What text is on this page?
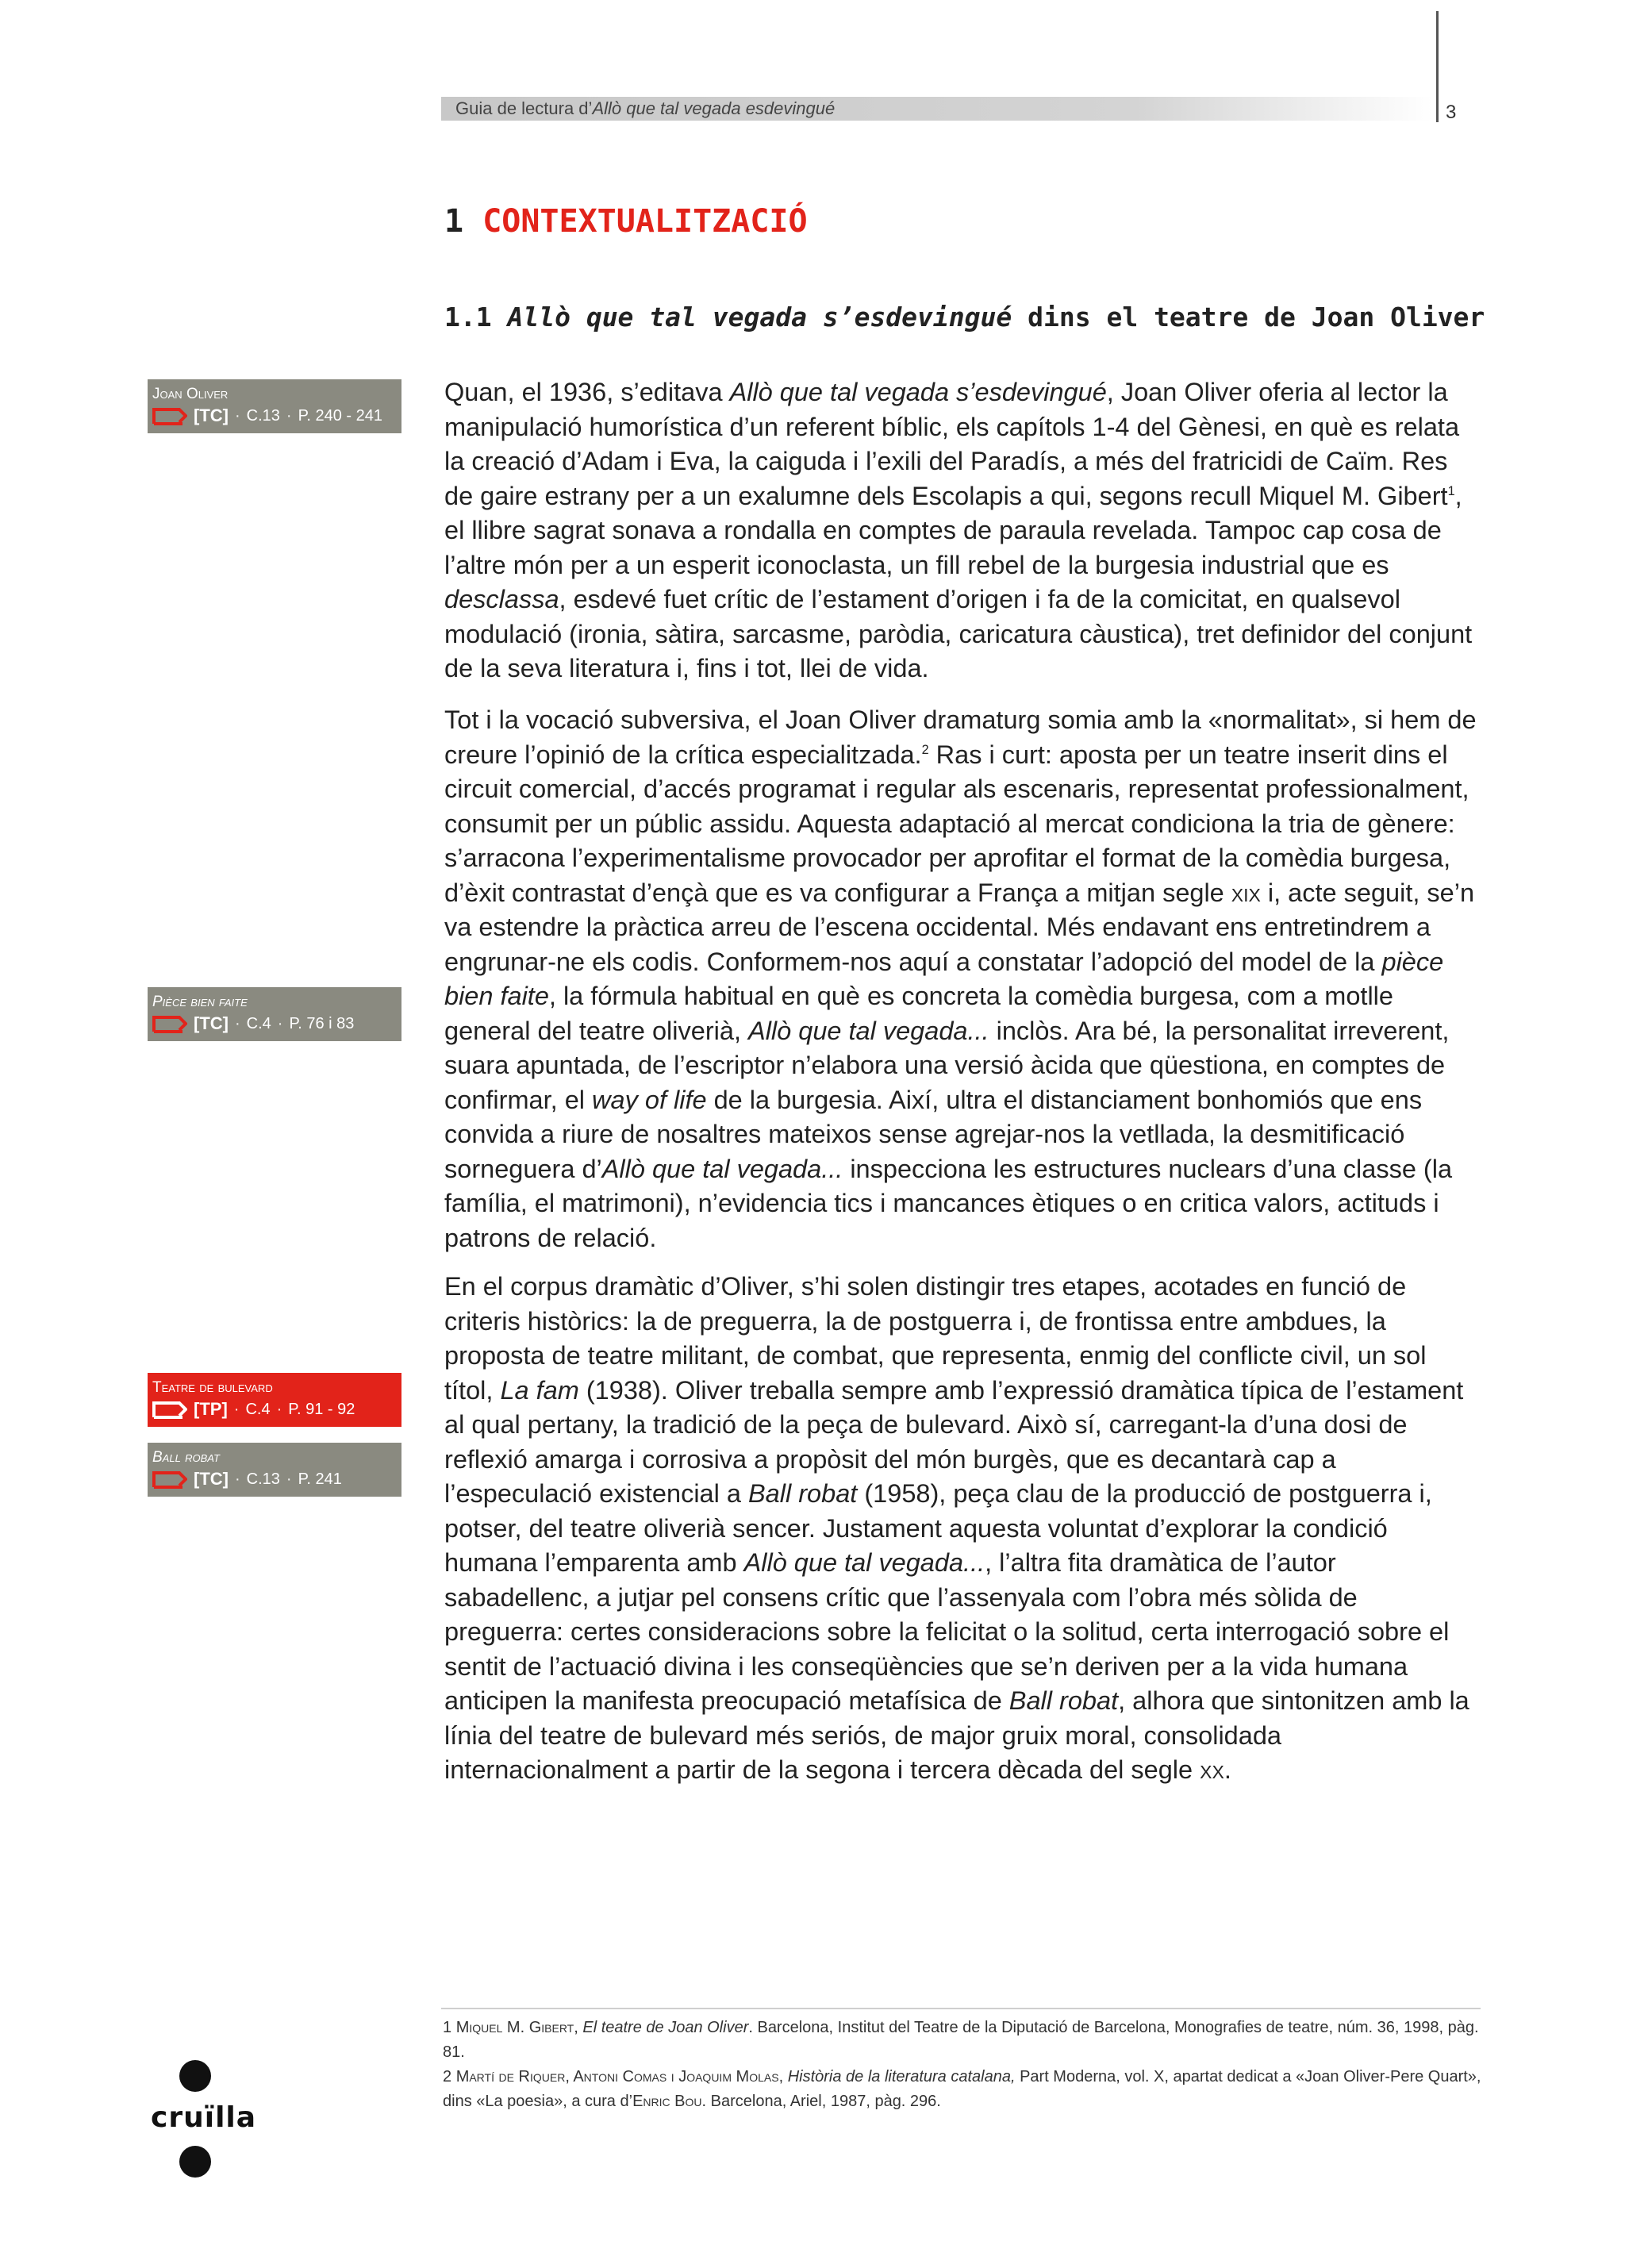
Guia de lectura d’Allò que tal vegada esdevingué	3
1 CONTEXTUALITZACIÓ
1.1 Allò que tal vegada s’esdevingué dins el teatre de Joan Oliver
Joan Oliver
[TC] · C.13 · P. 240 - 241
Pièce bien faite
[TC] · C.4 · P. 76 i 83
Teatre de bulevard
[TP] · C.4 · P. 91 - 92
Ball robat
[TC] · C.13 · P. 241

Quan, el 1936, s’editava Allò que tal vegada s’esdevingué, Joan Oliver oferia al lector la manipulació humorística d’un referent bíblic, els capítols 1-4 del Gènesi, en què es relata la creació d’Adam i Eva, la caiguda i l’exili del Paradís, a més del fratricidi de Caïm. Res de gaire estrany per a un exalumne dels Escolapis a qui, segons recull Miquel M. Gibert$^1$, el llibre sagrat sonava a rondalla en comptes de paraula revelada. Tampoc cap cosa de l’altre món per a un esperit iconoclasta, un fill rebel de la burgesia industrial que es desclassa, esdevé fuet crític de l’estament d’origen i fa de la comicitat, en qualsevol modulació (ironia, sàtira, sarcasme, paròdia, caricatura càustica), tret definidor del conjunt de la seva literatura i, fins i tot, llei de vida.

Tot i la vocació subversiva, el Joan Oliver dramaturg somia amb la «normalitat», si hem de creure l’opinió de la crítica especialitzada.$^2$ Ras i curt: aposta per un teatre inserit dins el circuit comercial, d’accés programat i regular als escenaris, representat professionalment, consumit per un públic assidu. Aquesta adaptació al mercat condiciona la tria de gènere: s’arracona l’experimentalisme provocador per aprofitar el format de la comèdia burgesa, d’èxit contrastat d’ençà que es va configurar a França a mitjan segle xix i, acte seguit, se’n va estendre la pràctica arreu de l’escena occidental. Més endavant ens entretindrem a engrunar-ne els codis. Conformem-nos aquí a constatar l’adopció del model de la pièce bien faite, la fórmula habitual en què es concreta la comèdia burgesa, com a motlle general del teatre oliverià, Allò que tal vegada... inclòs. Ara bé, la personalitat irreverent, suara apuntada, de l’escriptor n’elabora una versió àcida que qüestiona, en comptes de confirmar, el way of life de la burgesia. Així, ultra el distanciament bonhomiós que ens convida a riure de nosaltres mateixos sense agrejar-nos la vetllada, la desmitificació sorneguera d’Allò que tal vegada... inspecciona les estructures nuclears d’una classe (la família, el matrimoni), n’evidencia tics i mancances ètiques o en critica valors, actituds i patrons de relació.

En el corpus dramàtic d’Oliver, s’hi solen distingir tres etapes, acotades en funció de criteris històrics: la de preguerra, la de postguerra i, de frontissa entre ambdues, la proposta de teatre militant, de combat, que representa, enmig del conflicte civil, un sol títol, La fam (1938). Oliver treballa sempre amb l’expressió dramàtica típica de l’estament al qual pertany, la tradició de la peça de bulevard. Això sí, carregant-la d’una dosi de reflexió amarga i corrosiva a propòsit del món burgès, que es decantarà cap a l’especulació existencial a Ball robat (1958), peça clau de la producció de postguerra i, potser, del teatre oliverià sencer. Justament aquesta voluntat d’explorar la condició humana l’emparenta amb Allò que tal vegada..., l’altra fita dramàtica de l’autor sabadellenc, a jutjar pel consens crític que l’assenyala com l’obra més sòlida de preguerra: certes consideracions sobre la felicitat o la solitud, certa interrogació sobre el sentit de l’actuació divina i les conseqüències que se’n deriven per a la vida humana anticipen la manifesta preocupació metafísica de Ball robat, alhora que sintonitzen amb la línia del teatre de bulevard més seriós, de major gruix moral, consolidada internacionalment a partir de la segona i tercera dècada del segle xx.

1 Miquel M. Gibert, El teatre de Joan Oliver. Barcelona, Institut del Teatre de la Diputació de Barcelona, Monografies de teatre, núm. 36, 1998, pàg. 81.

2 Martí de Riquer, Antoni Comas i Joaquim Molas, Història de la literatura catalana, Part Moderna, vol. X, apartat dedicat a «Joan Oliver-Pere Quart», dins «La poesia», a cura d’Enric Bou. Barcelona, Ariel, 1987, pàg. 296.

cruïlla
